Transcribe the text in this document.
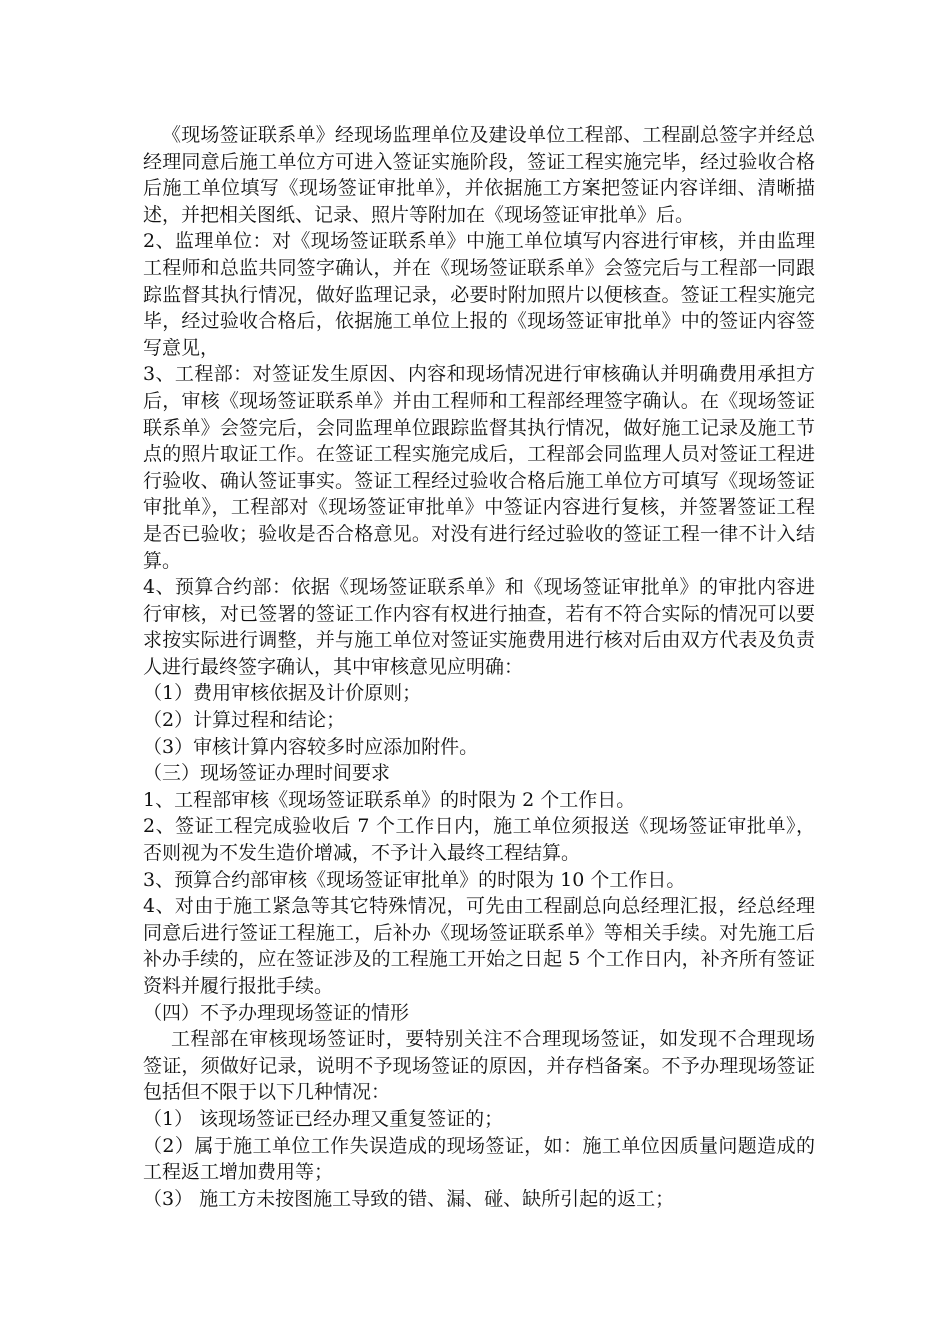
《现场签证联系单》经现场监理单位及建设单位工程部、工程副总签字并经总经理同意后施工单位方可进入签证实施阶段，签证工程实施完毕，经过验收合格后施工单位填写《现场签证审批单》，并依据施工方案把签证内容详细、清晰描述，并把相关图纸、记录、照片等附加在《现场签证审批单》后。

2、监理单位：对《现场签证联系单》中施工单位填写内容进行审核，并由监理工程师和总监共同签字确认，并在《现场签证联系单》会签完后与工程部一同跟踪监督其执行情况，做好监理记录，必要时附加照片以便核查。签证工程实施完毕，经过验收合格后，依据施工单位上报的《现场签证审批单》中的签证内容签写意见，

3、工程部：对签证发生原因、内容和现场情况进行审核确认并明确费用承担方后，审核《现场签证联系单》并由工程师和工程部经理签字确认。在《现场签证联系单》会签完后，会同监理单位跟踪监督其执行情况，做好施工记录及施工节点的照片取证工作。在签证工程实施完成后，工程部会同监理人员对签证工程进行验收、确认签证事实。签证工程经过验收合格后施工单位方可填写《现场签证审批单》，工程部对《现场签证审批单》中签证内容进行复核，并签署签证工程是否已验收；验收是否合格意见。对没有进行经过验收的签证工程一律不计入结算。

4、预算合约部：依据《现场签证联系单》和《现场签证审批单》的审批内容进行审核，对已签署的签证工作内容有权进行抽查，若有不符合实际的情况可以要求按实际进行调整，并与施工单位对签证实施费用进行核对后由双方代表及负责人进行最终签字确认，其中审核意见应明确：

（1）费用审核依据及计价原则；

（2）计算过程和结论；

（3）审核计算内容较多时应添加附件。

（三）现场签证办理时间要求

1、工程部审核《现场签证联系单》的时限为 2 个工作日。

2、签证工程完成验收后 7 个工作日内，施工单位须报送《现场签证审批单》，否则视为不发生造价增减，不予计入最终工程结算。

3、预算合约部审核《现场签证审批单》的时限为 10 个工作日。

4、对由于施工紧急等其它特殊情况，可先由工程副总向总经理汇报，经总经理同意后进行签证工程施工，后补办《现场签证联系单》等相关手续。对先施工后补办手续的，应在签证涉及的工程施工开始之日起 5 个工作日内，补齐所有签证资料并履行报批手续。

（四）不予办理现场签证的情形

工程部在审核现场签证时，要特别关注不合理现场签证，如发现不合理现场签证，须做好记录，说明不予现场签证的原因，并存档备案。不予办理现场签证包括但不限于以下几种情况：

（1） 该现场签证已经办理又重复签证的；

（2）属于施工单位工作失误造成的现场签证，如：施工单位因质量问题造成的工程返工增加费用等；

（3） 施工方未按图施工导致的错、漏、碰、缺所引起的返工；
